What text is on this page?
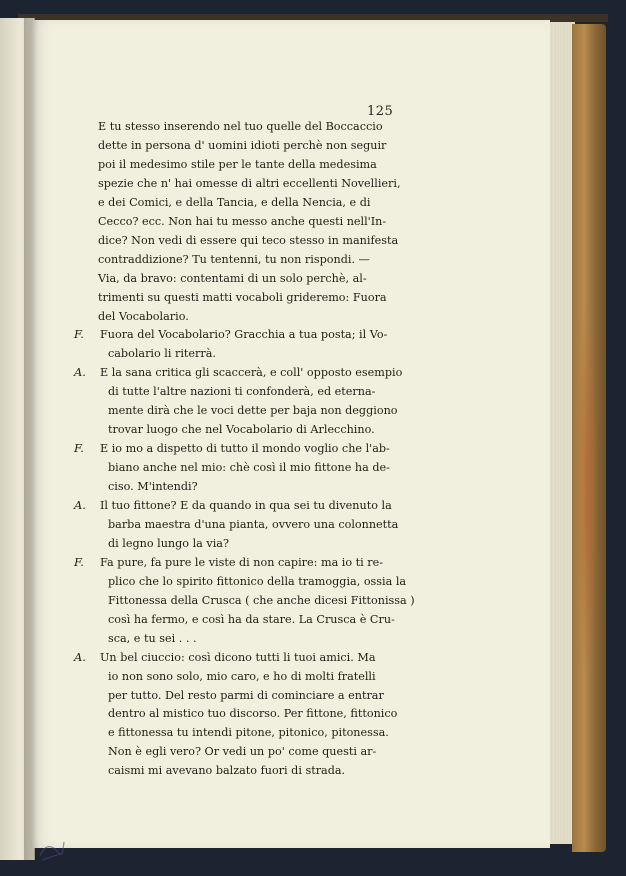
125
E tu stesso inserendo nel tuo quelle del Boccaccio
dette in persona d' uomini idioti perchè non seguir
poi il medesimo stile per le tante della medesima
spezie che n' hai omesse di altri eccellenti Novellieri,
e dei Comici, e della Tancia, e della Nencia, e di
Cecco? ecc. Non hai tu messo anche questi nell'In-
dice? Non vedi di essere qui teco stesso in manifesta
contraddizione? Tu tentenni, tu non rispondi. —
Via, da bravo: contentami di un solo perchè, al-
trimenti su questi matti vocaboli grideremo: Fuora
del Vocabolario.
Fuora del Vocabolario? Gracchia a tua posta; il Vo-
F.
cabolario li riterrà.
E la sana critica gli scaccerà, e coll' opposto esempio
A.
di tutte l'altre nazioni ti confonderà, ed eterna-
mente dirà che le voci dette per baja non deggiono
trovar luogo che nel Vocabolario di Arlecchino.
E io mo a dispetto di tutto il mondo voglio che l'ab-
F.
biano anche nel mio: chè così il mio fittone ha de-
ciso. M'intendi?
Il tuo fittone? E da quando in qua sei tu divenuto la
A.
barba maestra d'una pianta, ovvero una colonnetta
di legno lungo la via?
Fa pure, fa pure le viste di non capire: ma io ti re-
F.
plico che lo spirito fittonico della tramoggia, ossia la
Fittonessa della Crusca ( che anche dicesi Fittonissa )
così ha fermo, e così ha da stare. La Crusca è Cru-
sca, e tu sei . . .
Un bel ciuccio: così dicono tutti li tuoi amici. Ma
A.
io non sono solo, mio caro, e ho di molti fratelli
per tutto. Del resto parmi di cominciare a entrar
dentro al mistico tuo discorso. Per fittone, fittonico
e fittonessa tu intendi pitone, pitonico, pitonessa.
Non è egli vero? Or vedi un po' come questi ar-
caismi mi avevano balzato fuori di strada.
